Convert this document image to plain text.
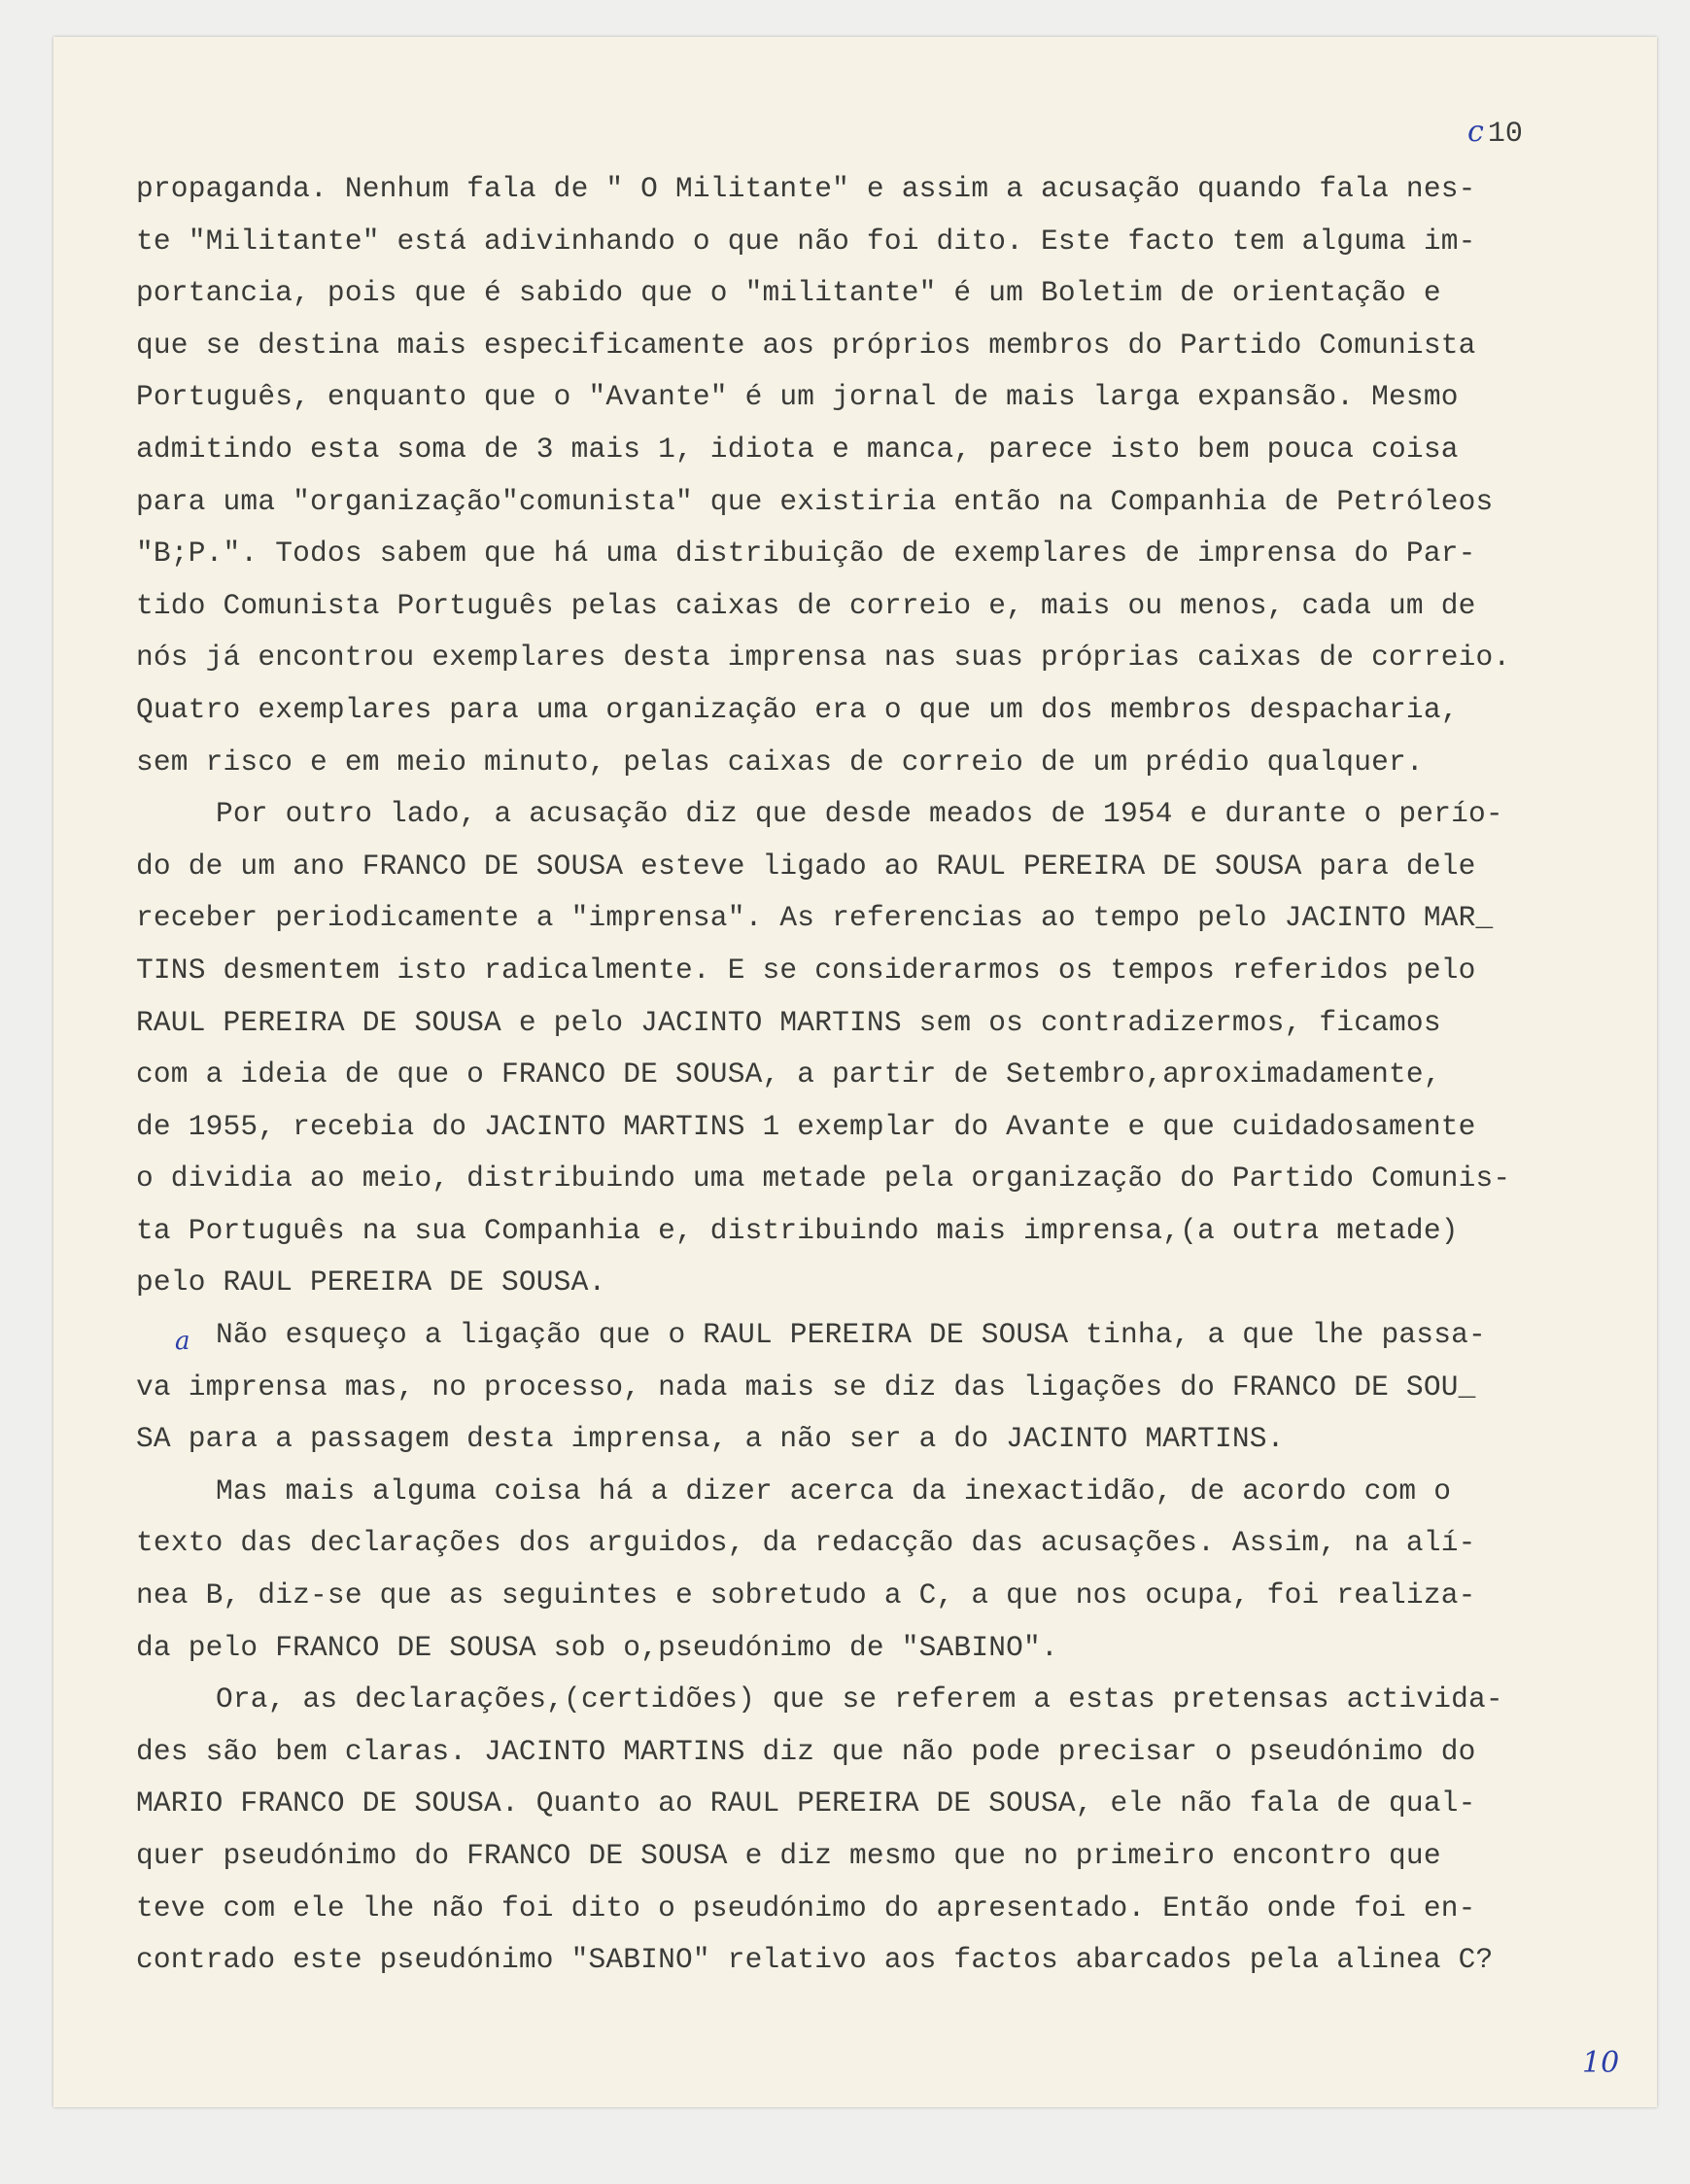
c 10
propaganda. Nenhum fala de " O Militante" e assim a acusação quando fala nes-
te "Militante" está adivinhando o que não foi dito. Este facto tem alguma im-
portancia, pois que é sabido que o "militante" é um Boletim de orientação e
que se destina mais especificamente aos próprios membros do Partido Comunista
Português, enquanto que o "Avante" é um jornal de mais larga expansão. Mesmo
admitindo esta soma de 3 mais 1, idiota e manca, parece isto bem pouca coisa
para uma "organização"comunista" que existiria então na Companhia de Petróleos
"B;P.". Todos sabem que há uma distribuição de exemplares de imprensa do Par-
tido Comunista Português pelas caixas de correio e, mais ou menos, cada um de
nós já encontrou exemplares desta imprensa nas suas próprias caixas de correio.
Quatro exemplares para uma organização era o que um dos membros despacharia,
sem risco e em meio minuto, pelas caixas de correio de um prédio qualquer.
Por outro lado, a acusação diz que desde meados de 1954 e durante o perío-
do de um ano FRANCO DE SOUSA esteve ligado ao RAUL PEREIRA DE SOUSA para dele
receber periodicamente a "imprensa". As referencias ao tempo pelo JACINTO MAR_
TINS desmentem isto radicalmente. E se considerarmos os tempos referidos pelo
RAUL PEREIRA DE SOUSA e pelo JACINTO MARTINS sem os contradizermos, ficamos
com a ideia de que o FRANCO DE SOUSA, a partir de Setembro,aproximadamente,
de 1955, recebia do JACINTO MARTINS 1 exemplar do Avante e que cuidadosamente
o dividia ao meio, distribuindo uma metade pela organização do Partido Comunis-
ta Português na sua Companhia e, distribuindo mais imprensa,(a outra metade)
pelo RAUL PEREIRA DE SOUSA.
Não esqueço a ligação que o RAUL PEREIRA DE SOUSA tinha, a que lhe passa-
va imprensa mas, no processo, nada mais se diz das ligações do FRANCO DE SOU_
SA para a passagem desta imprensa, a não ser a do JACINTO MARTINS.
Mas mais alguma coisa há a dizer acerca da inexactidão, de acordo com o
texto das declarações dos arguidos, da redacção das acusações. Assim, na alí-
nea B, diz-se que as seguintes e sobretudo a C, a que nos ocupa, foi realiza-
da pelo FRANCO DE SOUSA sob o,pseudónimo de "SABINO".
Ora, as declarações,(certidões) que se referem a estas pretensas activida-
des são bem claras. JACINTO MARTINS diz que não pode precisar o pseudónimo do
MARIO FRANCO DE SOUSA. Quanto ao RAUL PEREIRA DE SOUSA, ele não fala de qual-
quer pseudónimo do FRANCO DE SOUSA e diz mesmo que no primeiro encontro que
teve com ele lhe não foi dito o pseudónimo do apresentado. Então onde foi en-
contrado este pseudónimo "SABINO" relativo aos factos abarcados pela alinea C?
a
10
